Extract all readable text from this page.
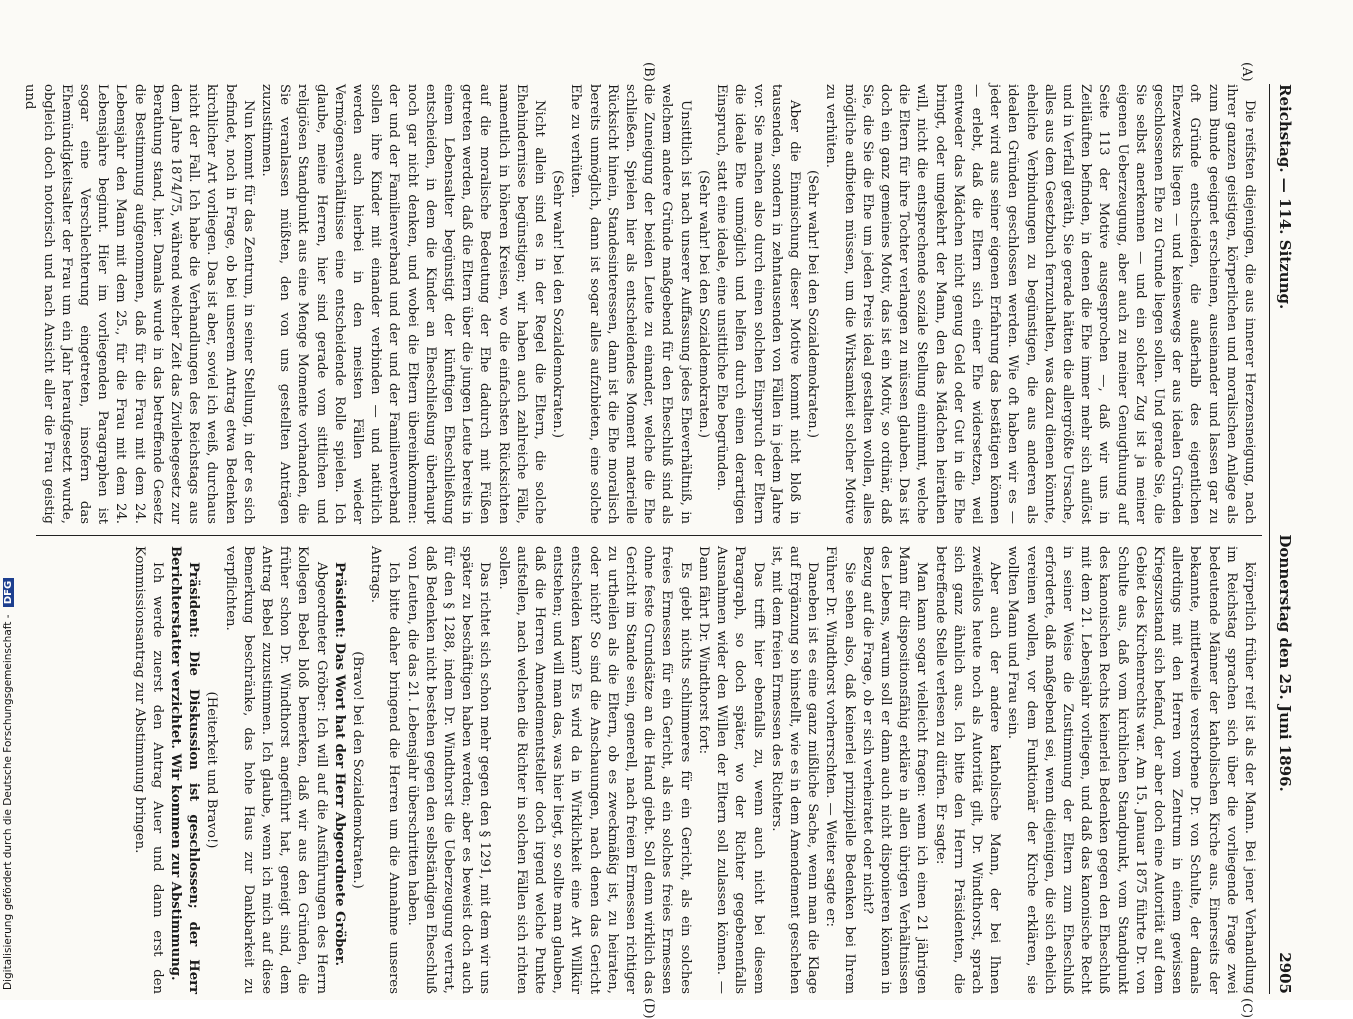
Reichstag. — 114. Sitzung.
Donnerstag den 25. Juni 1896.  2905
(A)
(B)
(C)
(D)

Die reifsten diejenigen, die aus innerer Herzensneigung, nach ihrer ganzen geistigen, körperlichen und moralischen Anlage als zum Bunde geeignet erscheinen, auseinander und lassen gar zu oft Gründe entscheiden, die außerhalb des eigentlichen Ehezwecks liegen — und keineswegs der aus idealen Gründen geschlossenen Ehe zu Grunde liegen sollen. Und gerade Sie, die Sie selbst anerkennen — und ein solcher Zug ist ja meiner eigenen Ueberzeugung, aber auch zu meiner Genugthuung auf Seite 113 der Motive ausgesprochen —, daß wir uns in Zeitläuften befinden, in denen die Ehe immer mehr sich auflöst und in Verfall geräth, Sie gerade hätten die allergrößte Ursache, alles aus dem Gesetzbuch fernzuhalten, was dazu dienen könnte, eheliche Verbindungen zu begünstigen, die aus anderen als idealen Gründen geschlossen werden. Wie oft haben wir es — jeder wird aus seiner eigenen Erfahrung das bestätigen können — erlebt, daß die Eltern sich einer Ehe widersetzen, weil entweder das Mädchen nicht genug Geld oder Gut in die Ehe bringt, oder umgekehrt der Mann, den das Mädchen heirathen will, nicht die entsprechende soziale Stellung einnimmt, welche die Eltern für ihre Tochter verlangen zu müssen glauben. Das ist doch ein ganz gemeines Motiv, das ist ein Motiv, so ordinär, daß Sie, die Sie die Ehe um jeden Preis ideal gestalten wollen, alles mögliche aufbieten müssen, um die Wirksamkeit solcher Motive zu verhüten.

(Sehr wahr! bei den Sozialdemokraten.)

Aber die Einmischung dieser Motive kommt nicht bloß in tausenden, sondern in zehntausenden von Fällen in jedem Jahre vor. Sie machen also durch einen solchen Einspruch der Eltern die ideale Ehe unmöglich und helfen durch einen derartigen Einspruch, statt eine ideale, eine unsittliche Ehe begründen.

(Sehr wahr! bei den Sozialdemokraten.)

Unsittlich ist nach unserer Auffassung jedes Eheverhältniß, in welchem andere Gründe maßgebend für den Eheschluß sind als die Zuneigung der beiden Leute zu einander, welche die Ehe schließen. Spielen hier als entscheidendes Moment materielle Rücksicht hinein, Standesinteressen, dann ist die Ehe moralisch bereits unmöglich, dann ist sogar alles aufzubieten, eine solche Ehe zu verhüten.

(Sehr wahr! bei den Sozialdemokraten.)

Nicht allein sind es in der Regel die Eltern, die solche Ehehindernisse begünstigen; wir haben auch zahlreiche Fälle, namentlich in höheren Kreisen, wo die einfachsten Rücksichten auf die moralische Bedeutung der Ehe dadurch mit Füßen getreten werden, daß die Eltern über die jungen Leute bereits in einem Lebensalter begünstigt der künftigen Eheschließung entscheiden, in dem die Kinder an Eheschließung überhaupt noch gar nicht denken, und wobei die Eltern übereinkommen: der und der Familienverband und der und der Familienverband sollen ihre Kinder mit einander verbinden — und natürlich werden auch hierbei in den meisten Fällen wieder Vermögensverhältnisse eine entscheidende Rolle spielen. Ich glaube, meine Herren, hier sind gerade vom sittlichen und religiösen Standpunkt aus eine Menge Momente vorhanden, die Sie veranlassen müßten, den von uns gestellten Anträgen zuzustimmen.

Nun kommt für das Zentrum, in seiner Stellung, in der es sich befindet, noch in Frage, ob bei unserem Antrag etwa Bedenken kirchlicher Art vorliegen. Das ist aber, soviel ich weiß, durchaus nicht der Fall. Ich habe die Verhandlungen des Reichstags aus dem Jahre 1874/75, während welcher Zeit das Zivilehegesetz zur Berathung stand, hier. Damals wurde in das betreffende Gesetz die Bestimmung aufgenommen, daß für die Frau mit dem 24. Lebensjahr den Mann mit dem 25., für die Frau mit dem 24. Lebensjahre beginnt. Hier im vorliegenden Paragraphen ist sogar eine Verschlechterung eingetreten, insofern das Ehemündigkeitsalter der Frau um ein Jahr heraufgesetzt wurde, obgleich doch notorisch und nach Ansicht aller die Frau geistig und

körperlich früher reif ist als der Mann. Bei jener Verhandlung im Reichstag sprachen sich über die vorliegende Frage zwei bedeutende Männer der katholischen Kirche aus. Einerseits der bekannte, mittlerweile verstorbene Dr. von Schulte, der damals allerdings mit den Herren vom Zentrum in einem gewissen Kriegszustand sich befand, der aber doch eine Autorität auf dem Gebiet des Kirchenrechts war. Am 15. Januar 1875 führte Dr. von Schulte aus, daß vom kirchlichen Standpunkt, vom Standpunkt des kanonischen Rechts keinerlei Bedenken gegen den Eheschluß mit dem 21. Lebensjahr vorliegen, und daß das kanonische Recht in seiner Weise die Zustimmung der Eltern zum Eheschluß erforderte, daß maßgebend sei, wenn diejenigen, die sich ehelich vereinen wollen, vor dem Funktionär der Kirche erklären, sie wollten Mann und Frau sein.

Aber auch der andere katholische Mann, der bei Ihnen zweifellos heute noch als Autorität gilt, Dr. Windthorst, sprach sich ganz ähnlich aus. Ich bitte den Herrn Präsidenten, die betreffende Stelle verlesen zu dürfen. Er sagte:

Man kann sogar vielleicht fragen: wenn ich einen 21 jährigen Mann für dispositionsfähig erkläre in allen übrigen Verhältnissen des Lebens, warum soll er dann auch nicht disponieren können in Bezug auf die Frage, ob er sich verheiratet oder nicht?

Sie sehen also, daß keinerlei prinzipielle Bedenken bei Ihrem Führer Dr. Windthorst vorherrschten. — Weiter sagte er:

Daneben ist es eine ganz mißliche Sache, wenn man die Klage auf Ergänzung so hinstellt, wie es in dem Amendement geschehen ist, mit dem freien Ermessen des Richters.

Das trifft hier ebenfalls zu, wenn auch nicht bei diesem Paragraph, so doch später, wo der Richter gegebenenfalls Ausnahmen wider den Willen der Eltern soll zulassen können. — Dann fährt Dr. Windthorst fort:

Es giebt nichts schlimmeres für ein Gericht, als ein solches freies Ermessen für ein Gericht, als ein solches freies Ermessen ohne feste Grundsätze an die Hand giebt. Soll denn wirklich das Gericht im Stande sein, generell, nach freiem Ermessen richtiger zu urtheilen als die Eltern, ob es zweckmäßig ist, zu heiraten, oder nicht? So sind die Anschauungen, nach denen das Gericht entscheiden kann? Es wird da in Wirklichkeit eine Art Willkür entstehen; und will man das, was hier liegt, so sollte man glauben, daß die Herren Amendementsteller doch irgend welche Punkte aufstellen, nach welchen die Richter in solchen Fällen sich richten sollen.

Das richtet sich schon mehr gegen den § 1291, mit dem wir uns später zu beschäftigen haben werden; aber es beweist doch auch für den § 1288, indem Dr. Windthorst die Ueberzeugung vertrat, daß Bedenken nicht bestehen gegen den selbständigen Eheschluß von Leuten, die das 21. Lebensjahr überschritten haben.

Ich bitte daher bringend die Herren um die Annahme unseres Antrags.

(Bravo! bei den Sozialdemokraten.)

Präsident: Das Wort hat der Herr Abgeordnete Gröber.

Abgeordneter Gröber: Ich will auf die Ausführungen des Herrn Kollegen Bebel bloß bemerken, daß wir aus den Gründen, die früher schon Dr. Windthorst angeführt hat, geneigt sind, dem Antrag Bebel zuzustimmen. Ich glaube, wenn ich mich auf diese Bemerkung beschränke, das hohe Haus zur Dankbarkeit zu verpflichten.

(Heiterkeit und Bravo!)

Präsident: Die Diskussion ist geschlossen; der Herr Berichterstatter verzichtet. Wir kommen zur Abstimmung.

Ich werde zuerst den Antrag Auer und dann erst den Kommissionsantrag zur Abstimmung bringen.

Digitalisierung gefördert durch die Deutsche Forschungsgemeinschaft - DFG
